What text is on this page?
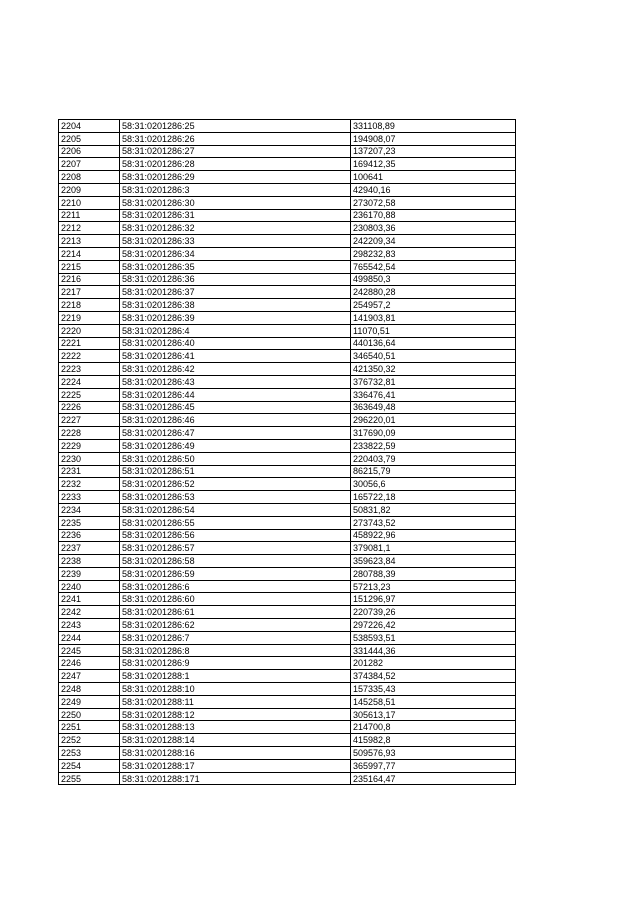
2204	58:31:0201286:25	331108,89
2205	58:31:0201286:26	194908,07
2206	58:31:0201286:27	137207,23
2207	58:31:0201286:28	169412,35
2208	58:31:0201286:29	100641
2209	58:31:0201286:3	42940,16
2210	58:31:0201286:30	273072,58
2211	58:31:0201286:31	236170,88
2212	58:31:0201286:32	230803,36
2213	58:31:0201286:33	242209,34
2214	58:31:0201286:34	298232,83
2215	58:31:0201286:35	765542,54
2216	58:31:0201286:36	499850,3
2217	58:31:0201286:37	242880,28
2218	58:31:0201286:38	254957,2
2219	58:31:0201286:39	141903,81
2220	58:31:0201286:4	11070,51
2221	58:31:0201286:40	440136,64
2222	58:31:0201286:41	346540,51
2223	58:31:0201286:42	421350,32
2224	58:31:0201286:43	376732,81
2225	58:31:0201286:44	336476,41
2226	58:31:0201286:45	363649,48
2227	58:31:0201286:46	296220,01
2228	58:31:0201286:47	317690,09
2229	58:31:0201286:49	233822,59
2230	58:31:0201286:50	220403,79
2231	58:31:0201286:51	86215,79
2232	58:31:0201286:52	30056,6
2233	58:31:0201286:53	165722,18
2234	58:31:0201286:54	50831,82
2235	58:31:0201286:55	273743,52
2236	58:31:0201286:56	458922,96
2237	58:31:0201286:57	379081,1
2238	58:31:0201286:58	359623,84
2239	58:31:0201286:59	280788,39
2240	58:31:0201286:6	57213,23
2241	58:31:0201286:60	151296,97
2242	58:31:0201286:61	220739,26
2243	58:31:0201286:62	297226,42
2244	58:31:0201286:7	538593,51
2245	58:31:0201286:8	331444,36
2246	58:31:0201286:9	201282
2247	58:31:0201288:1	374384,52
2248	58:31:0201288:10	157335,43
2249	58:31:0201288:11	145258,51
2250	58:31:0201288:12	305613,17
2251	58:31:0201288:13	214700,8
2252	58:31:0201288:14	415982,8
2253	58:31:0201288:16	509576,93
2254	58:31:0201288:17	365997,77
2255	58:31:0201288:171	235164,47
